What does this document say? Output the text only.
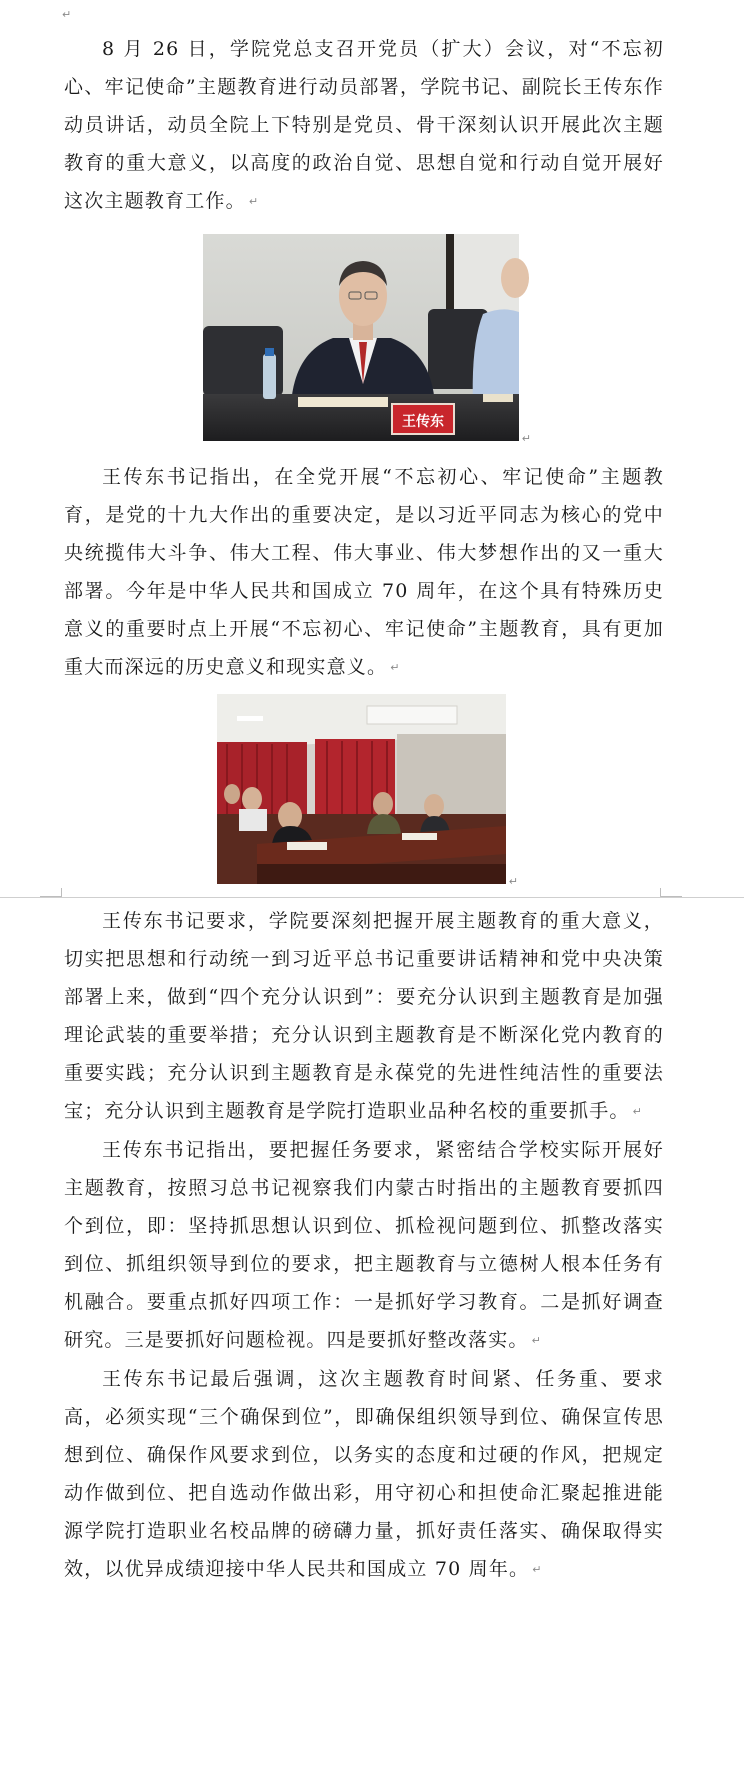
↵

8 月 26 日，学院党总支召开党员（扩大）会议，对“不忘初心、牢记使命”主题教育进行动员部署，学院书记、副院长王传东作动员讲话，动员全院上下特别是党员、骨干深刻认识开展此次主题教育的重大意义，以高度的政治自觉、思想自觉和行动自觉开展好这次主题教育工作。 ↵

王传东
↵

王传东书记指出，在全党开展“不忘初心、牢记使命”主题教育，是党的十九大作出的重要决定，是以习近平同志为核心的党中央统揽伟大斗争、伟大工程、伟大事业、伟大梦想作出的又一重大部署。今年是中华人民共和国成立 70 周年，在这个具有特殊历史意义的重要时点上开展“不忘初心、牢记使命”主题教育，具有更加重大而深远的历史意义和现实意义。 ↵

↵

王传东书记要求，学院要深刻把握开展主题教育的重大意义，切实把思想和行动统一到习近平总书记重要讲话精神和党中央决策部署上来，做到“四个充分认识到”：要充分认识到主题教育是加强理论武装的重要举措；充分认识到主题教育是不断深化党内教育的重要实践；充分认识到主题教育是永葆党的先进性纯洁性的重要法宝；充分认识到主题教育是学院打造职业品种名校的重要抓手。 ↵

王传东书记指出，要把握任务要求，紧密结合学校实际开展好主题教育，按照习总书记视察我们内蒙古时指出的主题教育要抓四个到位，即：坚持抓思想认识到位、抓检视问题到位、抓整改落实到位、抓组织领导到位的要求，把主题教育与立德树人根本任务有机融合。要重点抓好四项工作：一是抓好学习教育。二是抓好调查研究。三是要抓好问题检视。四是要抓好整改落实。 ↵

王传东书记最后强调，这次主题教育时间紧、任务重、要求高，必须实现“三个确保到位”，即确保组织领导到位、确保宣传思想到位、确保作风要求到位，以务实的态度和过硬的作风，把规定动作做到位、把自选动作做出彩，用守初心和担使命汇聚起推进能源学院打造职业名校品牌的磅礴力量，抓好责任落实、确保取得实效，以优异成绩迎接中华人民共和国成立 70 周年。 ↵
